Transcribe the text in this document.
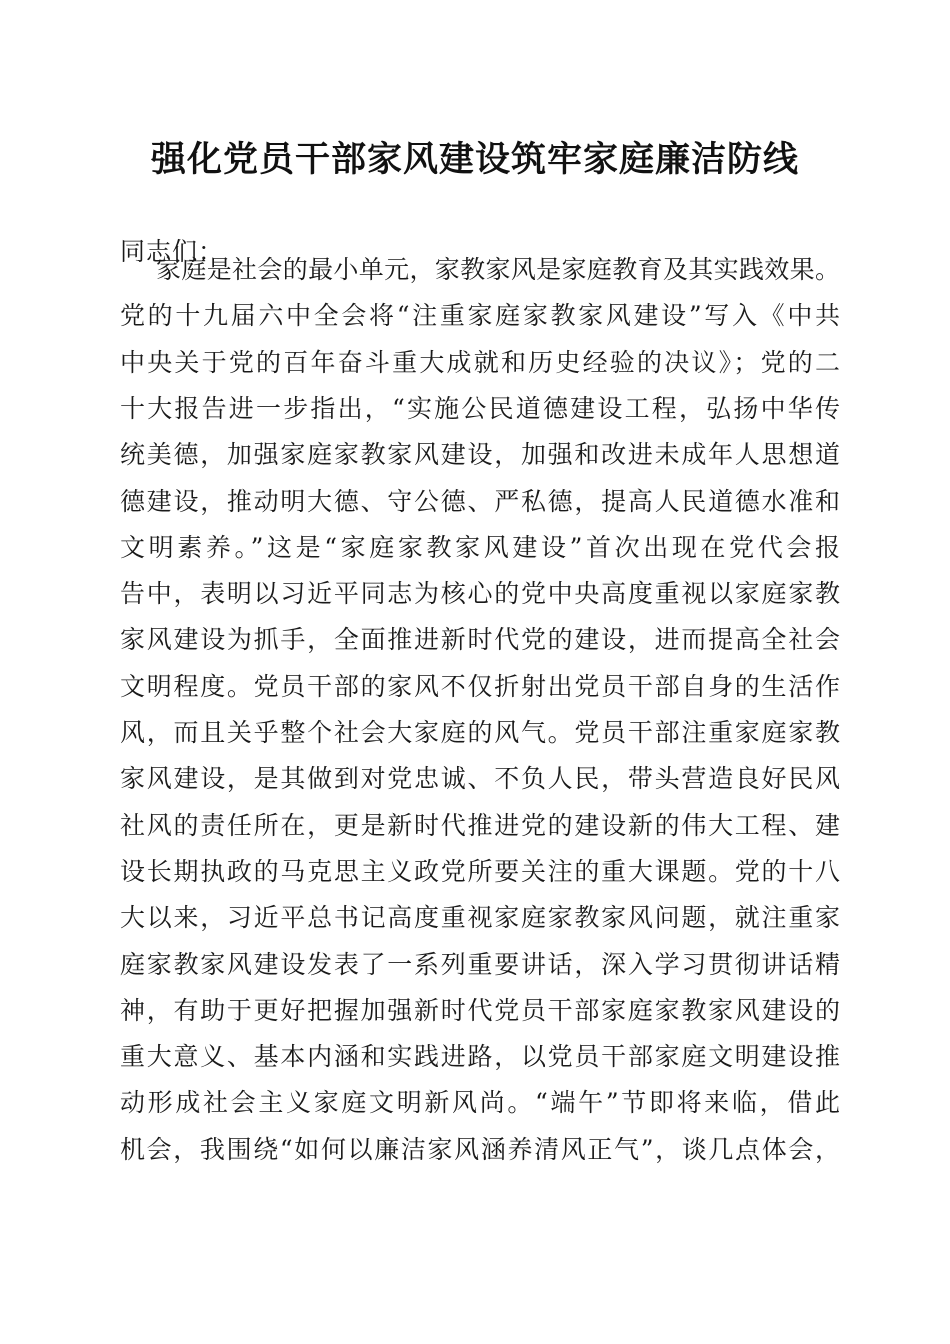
强化党员干部家风建设筑牢家庭廉洁防线

同志们：

家庭是社会的最小单元，家教家风是家庭教育及其实践效果。
党的十九届六中全会将“注重家庭家教家风建设”写入《中共
中央关于党的百年奋斗重大成就和历史经验的决议》；党的二
十大报告进一步指出，“实施公民道德建设工程，弘扬中华传
统美德，加强家庭家教家风建设，加强和改进未成年人思想道
德建设，推动明大德、守公德、严私德，提高人民道德水准和
文明素养。”这是“家庭家教家风建设”首次出现在党代会报
告中，表明以习近平同志为核心的党中央高度重视以家庭家教
家风建设为抓手，全面推进新时代党的建设，进而提高全社会
文明程度。党员干部的家风不仅折射出党员干部自身的生活作
风，而且关乎整个社会大家庭的风气。党员干部注重家庭家教
家风建设，是其做到对党忠诚、不负人民，带头营造良好民风
社风的责任所在，更是新时代推进党的建设新的伟大工程、建
设长期执政的马克思主义政党所要关注的重大课题。党的十八
大以来，习近平总书记高度重视家庭家教家风问题，就注重家
庭家教家风建设发表了一系列重要讲话，深入学习贯彻讲话精
神，有助于更好把握加强新时代党员干部家庭家教家风建设的
重大意义、基本内涵和实践进路，以党员干部家庭文明建设推
动形成社会主义家庭文明新风尚。“端午”节即将来临，借此
机会，我围绕“如何以廉洁家风涵养清风正气”，谈几点体会，
